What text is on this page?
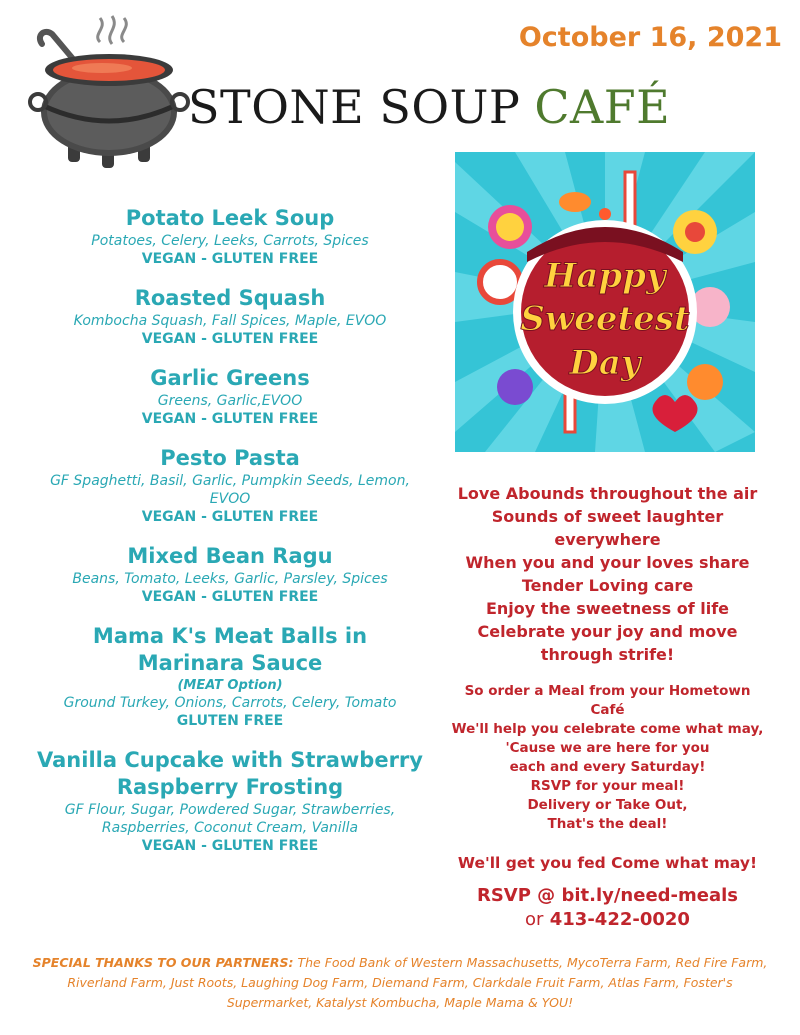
October 16, 2021
STONE SOUP CAFÉ
Potato Leek Soup
Potatoes, Celery, Leeks, Carrots, Spices
VEGAN - GLUTEN FREE
Roasted Squash
Kombocha Squash, Fall Spices, Maple, EVOO
VEGAN - GLUTEN FREE
Garlic Greens
Greens, Garlic,EVOO
VEGAN - GLUTEN FREE
Pesto Pasta
GF Spaghetti, Basil, Garlic, Pumpkin Seeds, Lemon, EVOO
VEGAN - GLUTEN FREE
Mixed Bean Ragu
Beans, Tomato, Leeks, Garlic, Parsley, Spices
VEGAN - GLUTEN FREE
Mama K's Meat Balls in Marinara Sauce
(MEAT Option)
Ground Turkey, Onions, Carrots, Celery, Tomato
GLUTEN FREE
Vanilla Cupcake with Strawberry Raspberry Frosting
GF Flour, Sugar, Powdered Sugar, Strawberries, Raspberries, Coconut Cream, Vanilla
VEGAN - GLUTEN FREE
Happy
Sweetest
Day
Love Abounds throughout the air
Sounds of sweet laughter
everywhere
When you and your loves share
Tender Loving care
Enjoy the sweetness of life
Celebrate your joy and move
through strife!
So order a Meal from your Hometown
Café
We'll help you celebrate come what may,
'Cause we are here for you
each and every Saturday!
RSVP for your meal!
Delivery or Take Out,
That's the deal!
We'll get you fed Come what may!
RSVP @ bit.ly/need-meals
or 413-422-0020
SPECIAL THANKS TO OUR PARTNERS: The Food Bank of Western Massachusetts, MycoTerra Farm, Red Fire Farm, Riverland Farm, Just Roots, Laughing Dog Farm, Diemand Farm, Clarkdale Fruit Farm, Atlas Farm, Foster's Supermarket, Katalyst Kombucha, Maple Mama & YOU!
